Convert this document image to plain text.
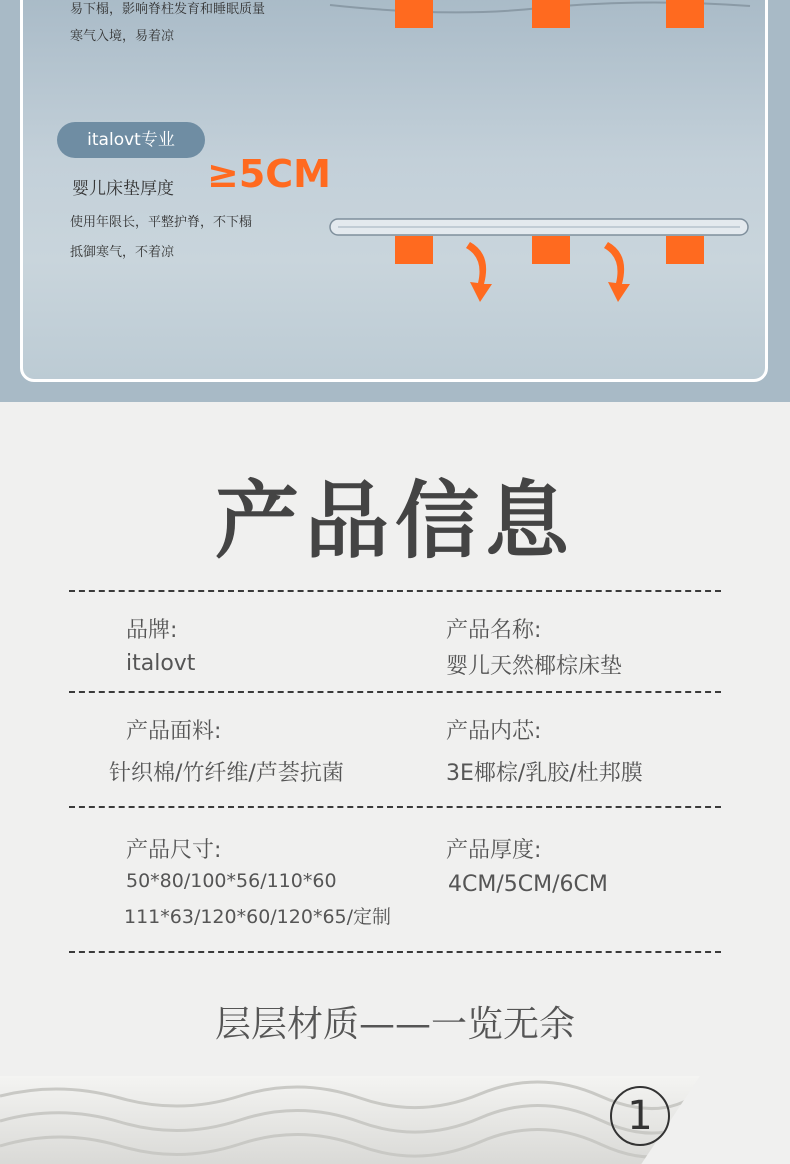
易下榻，影响脊柱发育和睡眠质量
寒气入境，易着凉
italovt专业
婴儿床垫厚度 ≥5CM
使用年限长，平整护脊，不下榻
抵御寒气，不着凉
产品信息
品牌:
italovt
产品名称:
婴儿天然椰棕床垫
产品面料:
针织棉/竹纤维/芦荟抗菌
产品内芯:
3E椰棕/乳胶/杜邦膜
产品尺寸:
50*80/100*56/110*60
111*63/120*60/120*65/定制
产品厚度:
4CM/5CM/6CM
层层材质——一览无余
1
